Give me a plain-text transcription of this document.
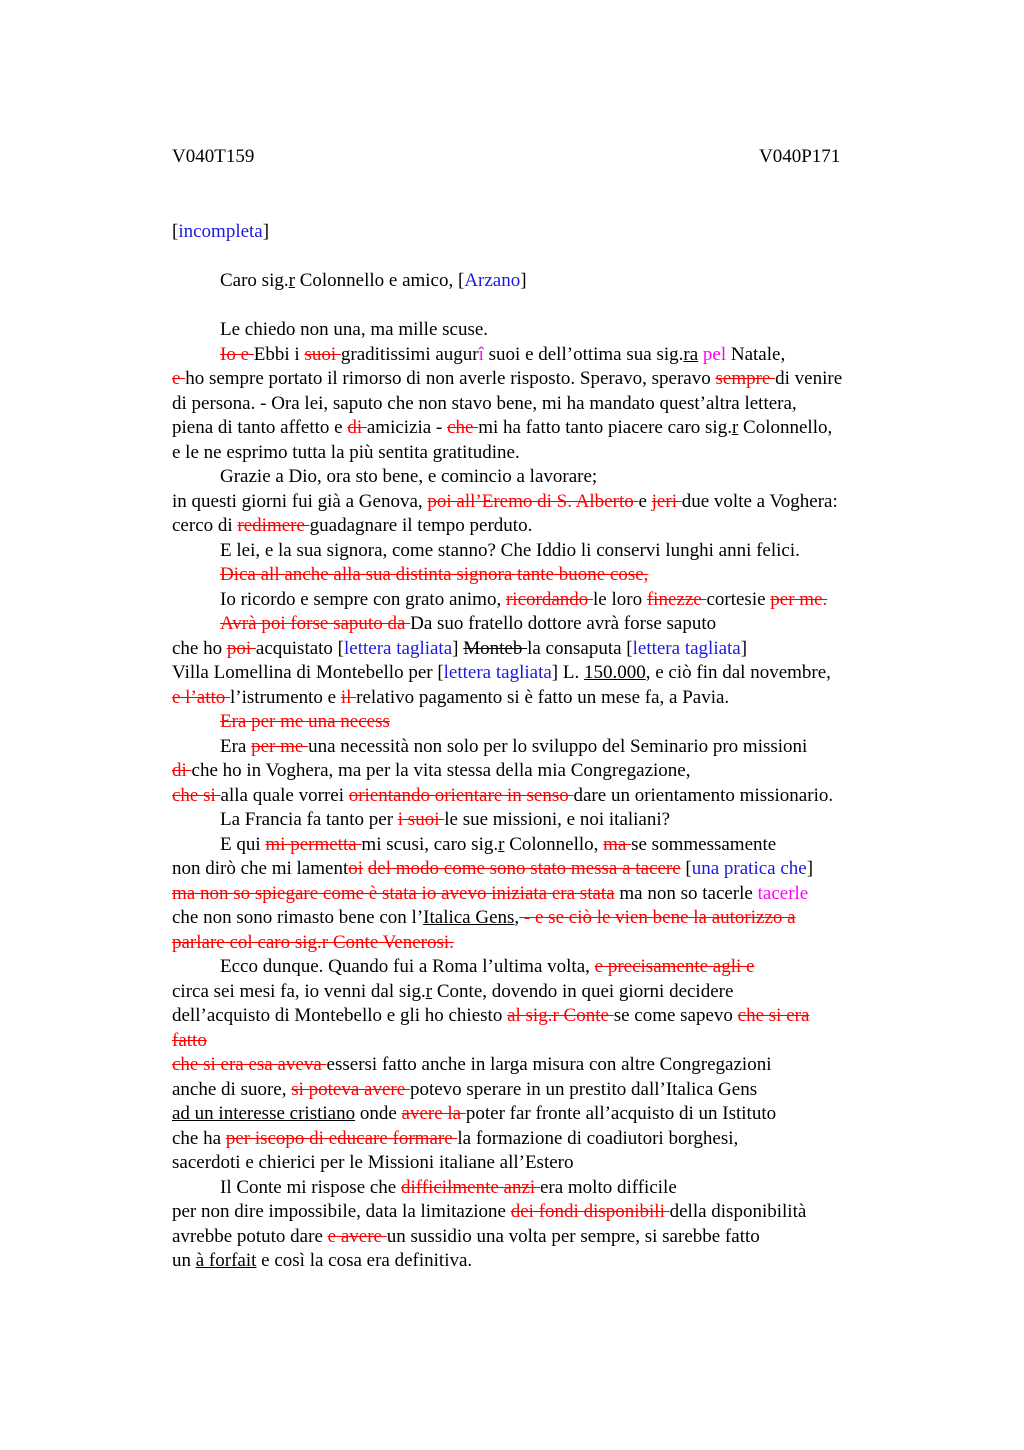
V040T159	V040P171
[incompleta]
Caro sig.r Colonnello e amico, [Arzano]
Le chiedo non una, ma mille scuse.
Io e Ebbi i suoi graditissimi augurî suoi e dell’ottima sua sig.ra pel Natale,
e ho sempre portato il rimorso di non averle risposto. Speravo, speravo sempre di venire
di persona. - Ora lei, saputo che non stavo bene, mi ha mandato quest’altra lettera,
piena di tanto affetto e di amicizia - che mi ha fatto tanto piacere caro sig.r Colonnello,
e le ne esprimo tutta la più sentita gratitudine.
Grazie a Dio, ora sto bene, e comincio a lavorare;
in questi giorni fui già a Genova, poi all’Eremo di S. Alberto e jeri due volte a Voghera:
cerco di redimere guadagnare il tempo perduto.
E lei, e la sua signora, come stanno? Che Iddio li conservi lunghi anni felici.
Dica all anche alla sua distinta signora tante buone cose,
Io ricordo e sempre con grato animo, ricordando le loro finezze cortesie per me.
Avrà poi forse saputo da Da suo fratello dottore avrà forse saputo
che ho poi acquistato [lettera tagliata] Monteb la consaputa [lettera tagliata]
Villa Lomellina di Montebello per [lettera tagliata] L. 150.000, e ciò fin dal novembre,
e l’atto l’istrumento e il relativo pagamento si è fatto un mese fa, a Pavia.
Era per me una necess
Era per me una necessità non solo per lo sviluppo del Seminario pro missioni
di che ho in Voghera, ma per la vita stessa della mia Congregazione,
che si alla quale vorrei orientando orientare in senso dare un orientamento missionario.
La Francia fa tanto per i suoi le sue missioni, e noi italiani?
E qui mi permetta mi scusi, caro sig.r Colonnello, ma se sommessamente
non dirò che mi lamentoi del modo come sono stato messa a tacere [una pratica che]
ma non so spiegare come è stata io avevo iniziata era stata ma non so tacerle tacerle
che non sono rimasto bene con l’Italica Gens, - e se ciò le vien bene la autorizzo a
parlare col caro sig.r Conte Venerosi.
Ecco dunque. Quando fui a Roma l’ultima volta, e precisamente agli e
circa sei mesi fa, io venni dal sig.r Conte, dovendo in quei giorni decidere
dell’acquisto di Montebello e gli ho chiesto al sig.r Conte se come sapevo che si era
fatto
che si era esa aveva essersi fatto anche in larga misura con altre Congregazioni
anche di suore, si poteva avere potevo sperare in un prestito dall’Italica Gens
ad un interesse cristiano onde avere la poter far fronte all’acquisto di un Istituto
che ha per iscopo di educare formare la formazione di coadiutori borghesi,
sacerdoti e chierici per le Missioni italiane all’Estero
Il Conte mi rispose che difficilmente anzi era molto difficile
per non dire impossibile, data la limitazione dei fondi disponibili della disponibilità
avrebbe potuto dare e avere un sussidio una volta per sempre, si sarebbe fatto
un à forfait e così la cosa era definitiva.
